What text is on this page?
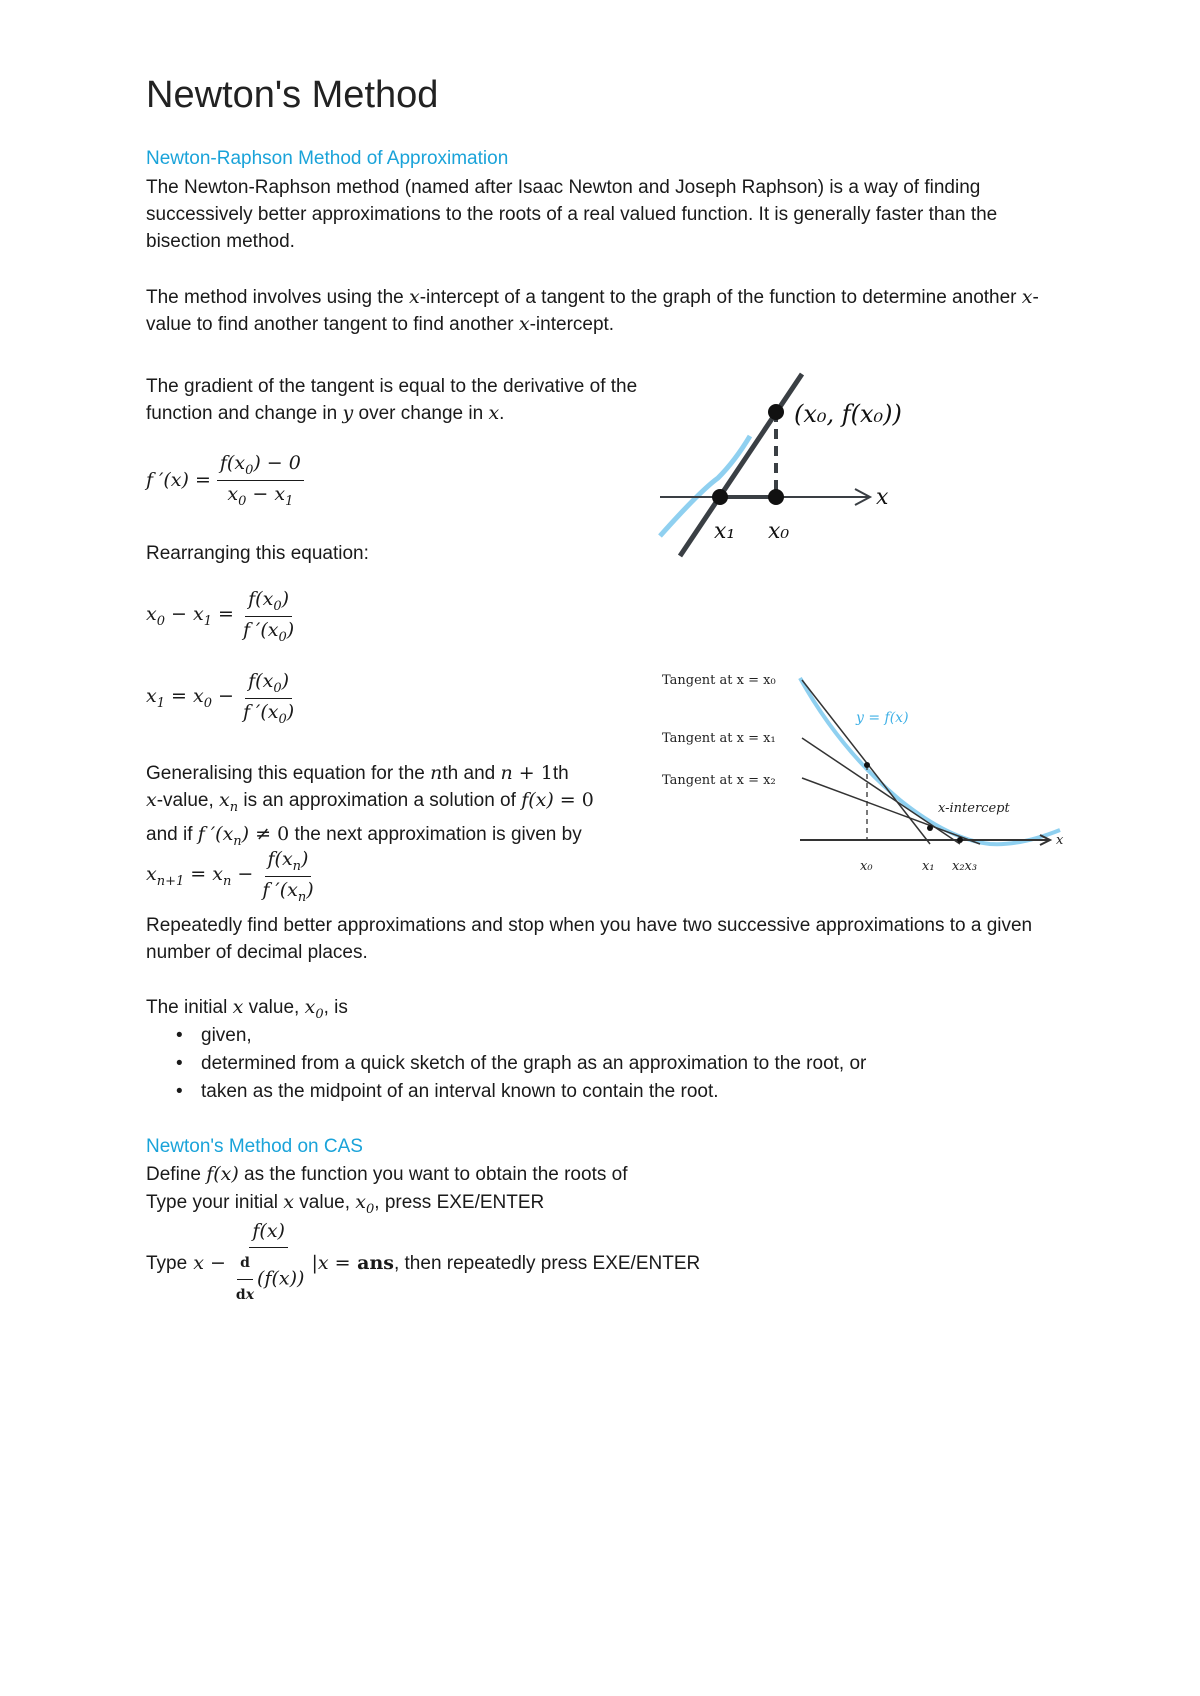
Newton's Method
Newton-Raphson Method of Approximation
The Newton-Raphson method (named after Isaac Newton and Joseph Raphson) is a way of finding successively better approximations to the roots of a real valued function. It is generally faster than the bisection method.
The method involves using the x-intercept of a tangent to the graph of the function to determine another x-value to find another tangent to find another x-intercept.
The gradient of the tangent is equal to the derivative of the function and change in y over change in x.
f $'(x) = \frac{f(x_0) - 0}{x_0 - x_1}$
Rearranging this equation:
$x_0 - x_1 = \frac{f(x_0)}{f '(x_0)}$
$x_1 = x_0 - \frac{f(x_0)}{f '(x_0)}$
Generalising this equation for the nth and n + 1th
x-value, $x_n$ is an approximation a solution of f(x) = 0
and if f $'(x_n) \ne 0$ the next approximation is given by
$x_{n+1} = x_n - \frac{f(x_n)}{f '(x_n)}$
Repeatedly find better approximations and stop when you have two successive approximations to a given number of decimal places.
The initial x value, $x_0$, is
• given,
• determined from a quick sketch of the graph as an approximation to the root, or
• taken as the midpoint of an interval known to contain the root.
Newton's Method on CAS
Define f(x) as the function you want to obtain the roots of
Type your initial x value, $x_0$, press EXE/ENTER
Type $x - \frac{f(x)}{\frac{d}{dx} (f(x))} |x$ = ans , then repeatedly press EXE/ENTER
(x₀, f(x₀))
x
x₁ x₀
Tangent at x = x₀
Tangent at x = x₁
Tangent at x = x₂
y = f(x)
x-intercept
x
x₀	x₁ x₂x₃
